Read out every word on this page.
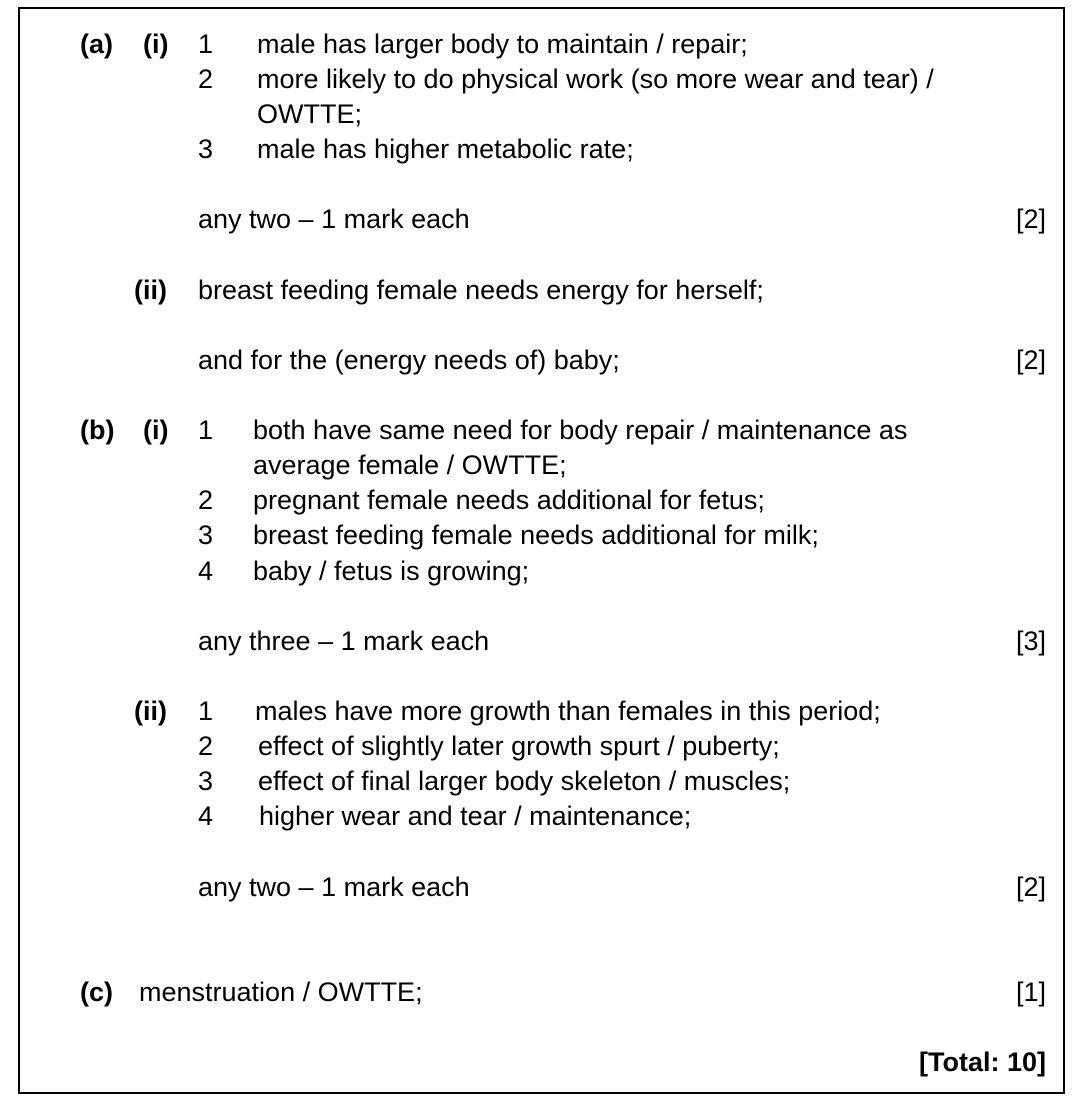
(a) (i) 1 male has larger body to maintain / repair;
2 more likely to do physical work (so more wear and tear) /
OWTTE;
3 male has higher metabolic rate;
any two – 1 mark each	[2]
(ii) breast feeding female needs energy for herself;
and for the (energy needs of) baby;	[2]
(b) (i) 1 both have same need for body repair / maintenance as
average female / OWTTE;
2 pregnant female needs additional for fetus;
3 breast feeding female needs additional for milk;
4 baby / fetus is growing;
any three – 1 mark each	[3]
(ii) 1 males have more growth than females in this period;
2 effect of slightly later growth spurt / puberty;
3 effect of final larger body skeleton / muscles;
4 higher wear and tear / maintenance;
any two – 1 mark each	[2]
(c) menstruation / OWTTE;	[1]
[Total: 10]
